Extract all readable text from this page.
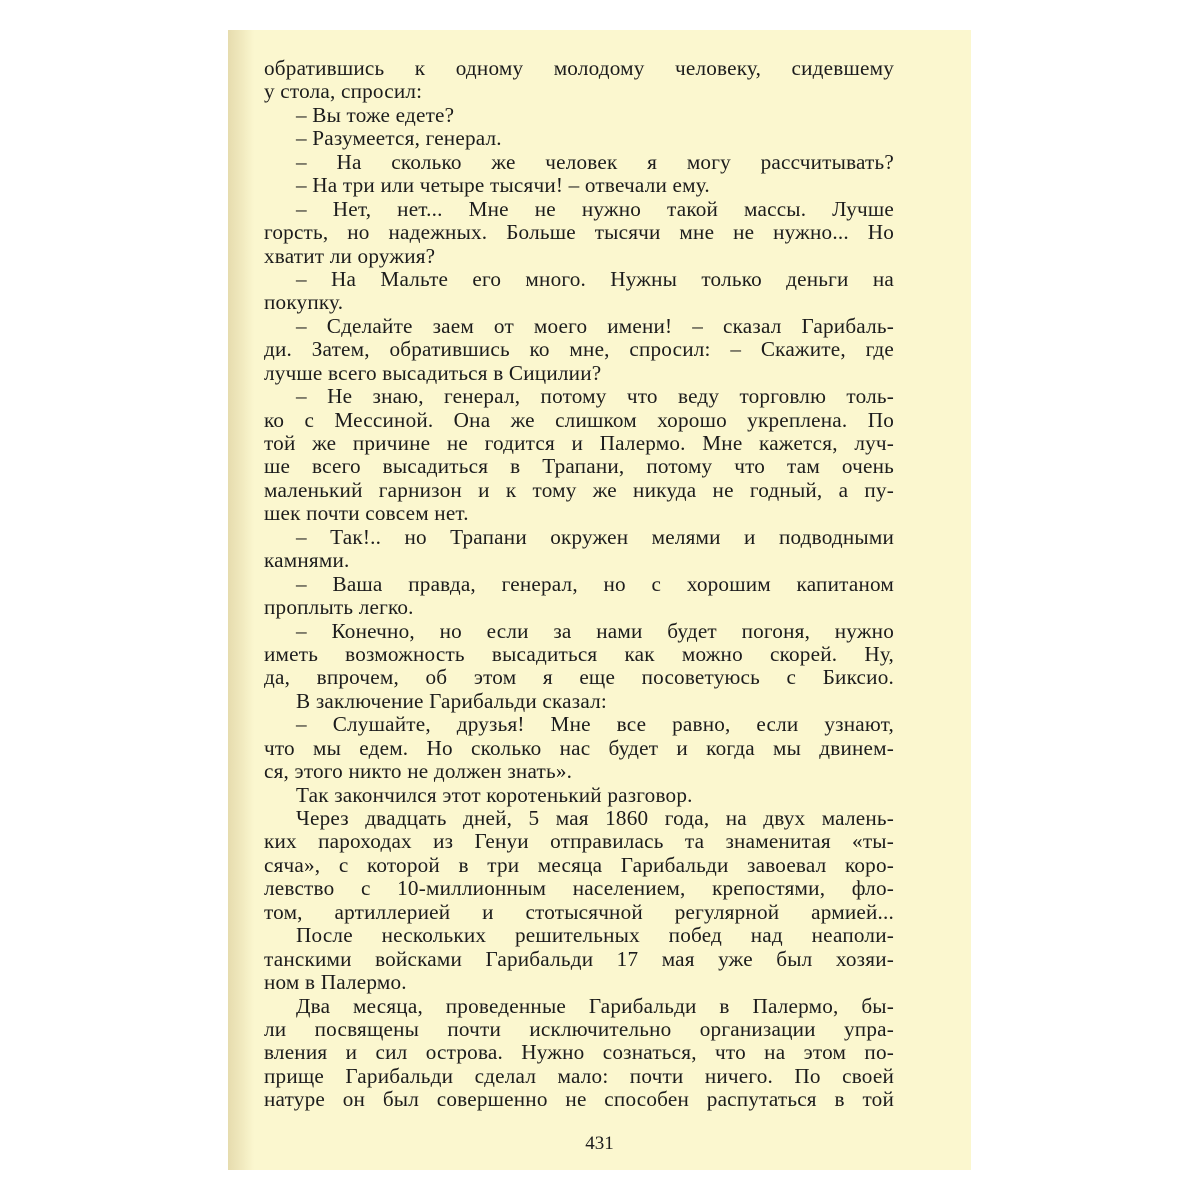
обратившись к одному молодому человеку, сидевшему
у стола, спросил:
– Вы тоже едете?
– Разумеется, генерал.
– На сколько же человек я могу рассчитывать?
– На три или четыре тысячи! – отвечали ему.
– Нет, нет... Мне не нужно такой массы. Лучше
горсть, но надежных. Больше тысячи мне не нужно... Но
хватит ли оружия?
– На Мальте его много. Нужны только деньги на
покупку.
– Сделайте заем от моего имени! – сказал Гарибаль-
ди. Затем, обратившись ко мне, спросил: – Скажите, где
лучше всего высадиться в Сицилии?
– Не знаю, генерал, потому что веду торговлю толь-
ко с Мессиной. Она же слишком хорошо укреплена. По
той же причине не годится и Палермо. Мне кажется, луч-
ше всего высадиться в Трапани, потому что там очень
маленький гарнизон и к тому же никуда не годный, а пу-
шек почти совсем нет.
– Так!.. но Трапани окружен мелями и подводными
камнями.
– Ваша правда, генерал, но с хорошим капитаном
проплыть легко.
– Конечно, но если за нами будет погоня, нужно
иметь возможность высадиться как можно скорей. Ну,
да, впрочем, об этом я еще посоветуюсь с Биксио.
В заключение Гарибальди сказал:
– Слушайте, друзья! Мне все равно, если узнают,
что мы едем. Но сколько нас будет и когда мы двинем-
ся, этого никто не должен знать».
Так закончился этот коротенький разговор.
Через двадцать дней, 5 мая 1860 года, на двух малень-
ких пароходах из Генуи отправилась та знаменитая «ты-
сяча», с которой в три месяца Гарибальди завоевал коро-
левство с 10-миллионным населением, крепостями, фло-
том, артиллерией и стотысячной регулярной армией...
После нескольких решительных побед над неаполи-
танскими войсками Гарибальди 17 мая уже был хозяи-
ном в Палермо.
Два месяца, проведенные Гарибальди в Палермо, бы-
ли посвящены почти исключительно организации упра-
вления и сил острова. Нужно сознаться, что на этом по-
прище Гарибальди сделал мало: почти ничего. По своей
натуре он был совершенно не способен распутаться в той
431
